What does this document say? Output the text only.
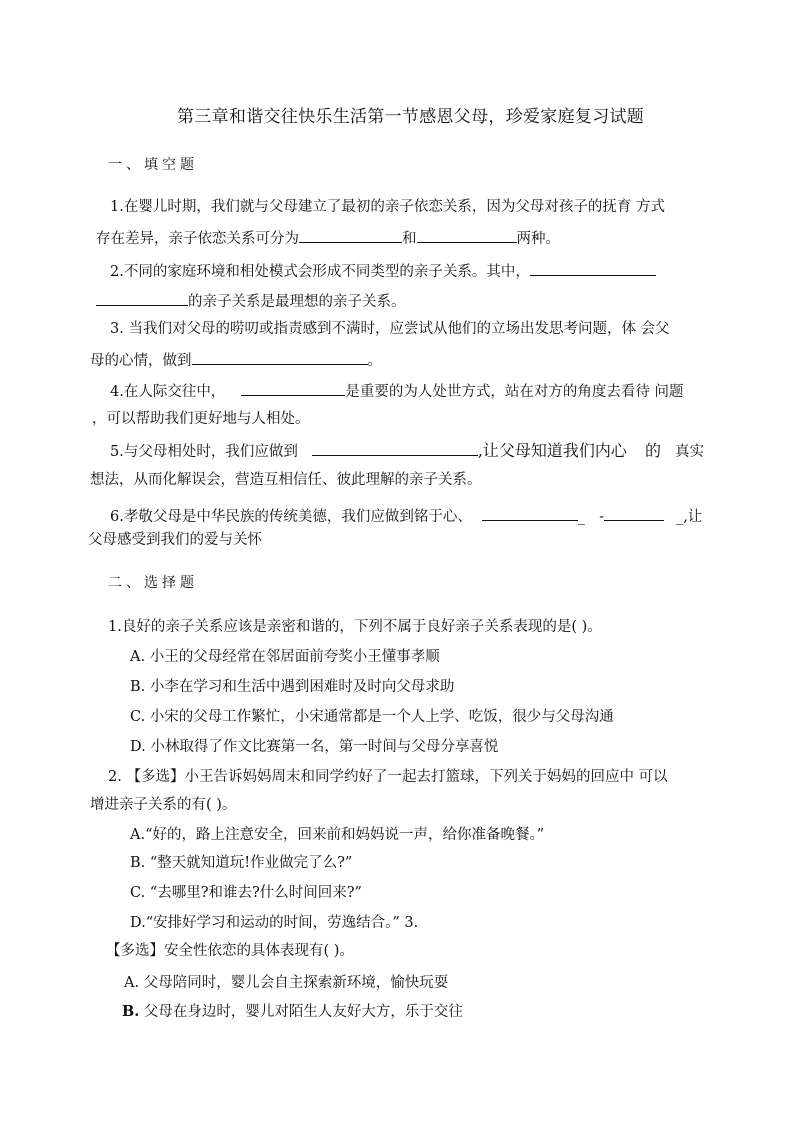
第三章和谐交往快乐生活第一节感恩父母，珍爱家庭复习试题
一、填空题
1.在婴儿时期，我们就与父母建立了最初的亲子依恋关系，因为父母对孩子的抚育 方式
存在差异，亲子依恋关系可分为	和	两种。
2.不同的家庭环境和相处模式会形成不同类型的亲子关系。其中，
的亲子关系是最理想的亲子关系。
3. 当我们对父母的唠叨或指责感到不满时，应尝试从他们的立场出发思考问题，体 会父
母的心情，做到	。
4.在人际交往中，	是重要的为人处世方式，站在对方的角度去看待 问题
，可以帮助我们更好地与人相处。
5.与父母相处时，我们应做到	,让父母知道我们内心 的 真实
想法，从而化解误会，营造互相信任、彼此理解的亲子关系。
6.孝敬父母是中华民族的传统美德，我们应做到铭于心、	_ -	_,让
父母感受到我们的爱与关怀
二、选择题
1.良好的亲子关系应该是亲密和谐的，下列不属于良好亲子关系表现的是( )。
A. 小王的父母经常在邻居面前夸奖小王懂事孝顺
B. 小李在学习和生活中遇到困难时及时向父母求助
C. 小宋的父母工作繁忙，小宋通常都是一个人上学、吃饭，很少与父母沟通
D. 小林取得了作文比赛第一名，第一时间与父母分享喜悦
2. 【多选】小王告诉妈妈周末和同学约好了一起去打篮球，下列关于妈妈的回应中 可以
增进亲子关系的有( )。
A.“好的，路上注意安全，回来前和妈妈说一声，给你准备晚餐。”
B. “整天就知道玩!作业做完了么?”
C. “去哪里?和谁去?什么时间回来?”
D.“安排好学习和运动的时间，劳逸结合。” 3.
【多选】安全性依恋的具体表现有( )。
A. 父母陪同时，婴儿会自主探索新环境，愉快玩耍
B. 父母在身边时，婴儿对陌生人友好大方，乐于交往
